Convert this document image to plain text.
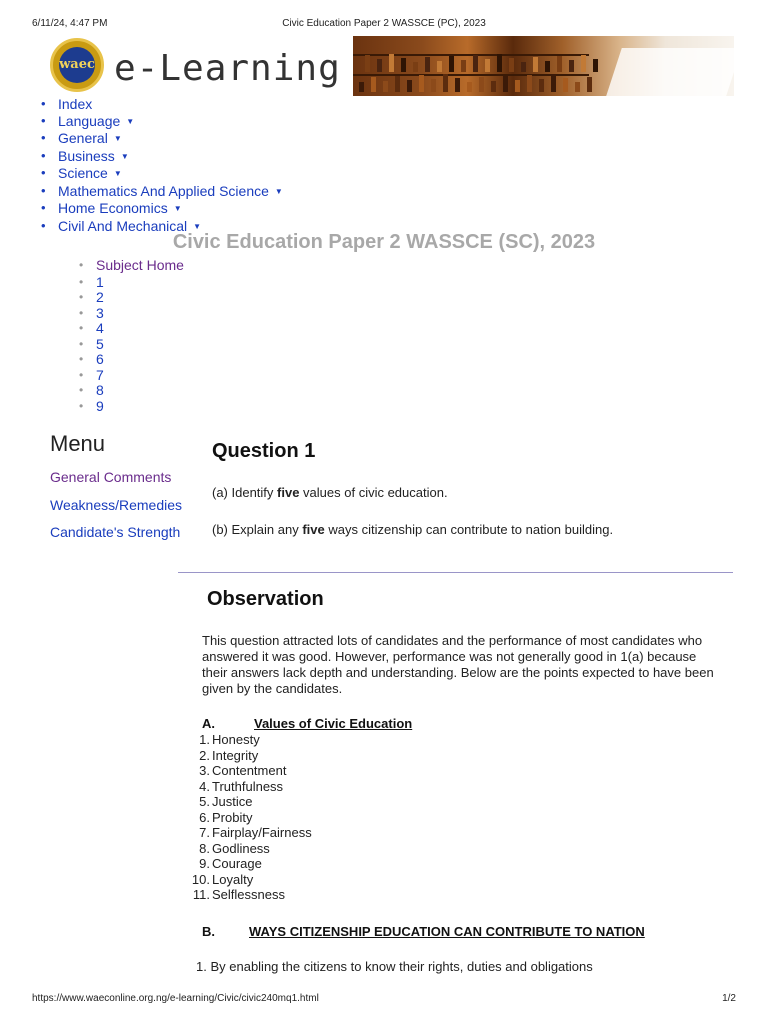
6/11/24, 4:47 PM	Civic Education Paper 2 WASSCE (PC), 2023
waec e-Learning
• Index
• Language ▼
• General ▼
• Business ▼
• Science ▼
• Mathematics And Applied Science ▼
• Home Economics ▼
• Civil And Mechanical ▼
Civic Education Paper 2 WASSCE (SC), 2023
• Subject Home
• 1
• 2
• 3
• 4
• 5
• 6
• 7
• 8
• 9
Menu
General Comments
Weakness/Remedies
Candidate's Strength
Question 1
(a) Identify five values of civic education.
(b) Explain any five ways citizenship can contribute to nation building.
Observation
This question attracted lots of candidates and the performance of most candidates who answered it was good. However, performance was not generally good in 1(a) because their answers lack depth and understanding. Below are the points expected to have been given by the candidates.
A.	Values of Civic Education
1. Honesty
2. Integrity
3. Contentment
4. Truthfulness
5. Justice
6. Probity
7. Fairplay/Fairness
8. Godliness
9. Courage
10. Loyalty
11. Selflessness
B.	WAYS CITIZENSHIP EDUCATION CAN CONTRIBUTE TO NATION
1. By enabling the citizens to know their rights, duties and obligations
https://www.waeconline.org.ng/e-learning/Civic/civic240mq1.html	1/2
